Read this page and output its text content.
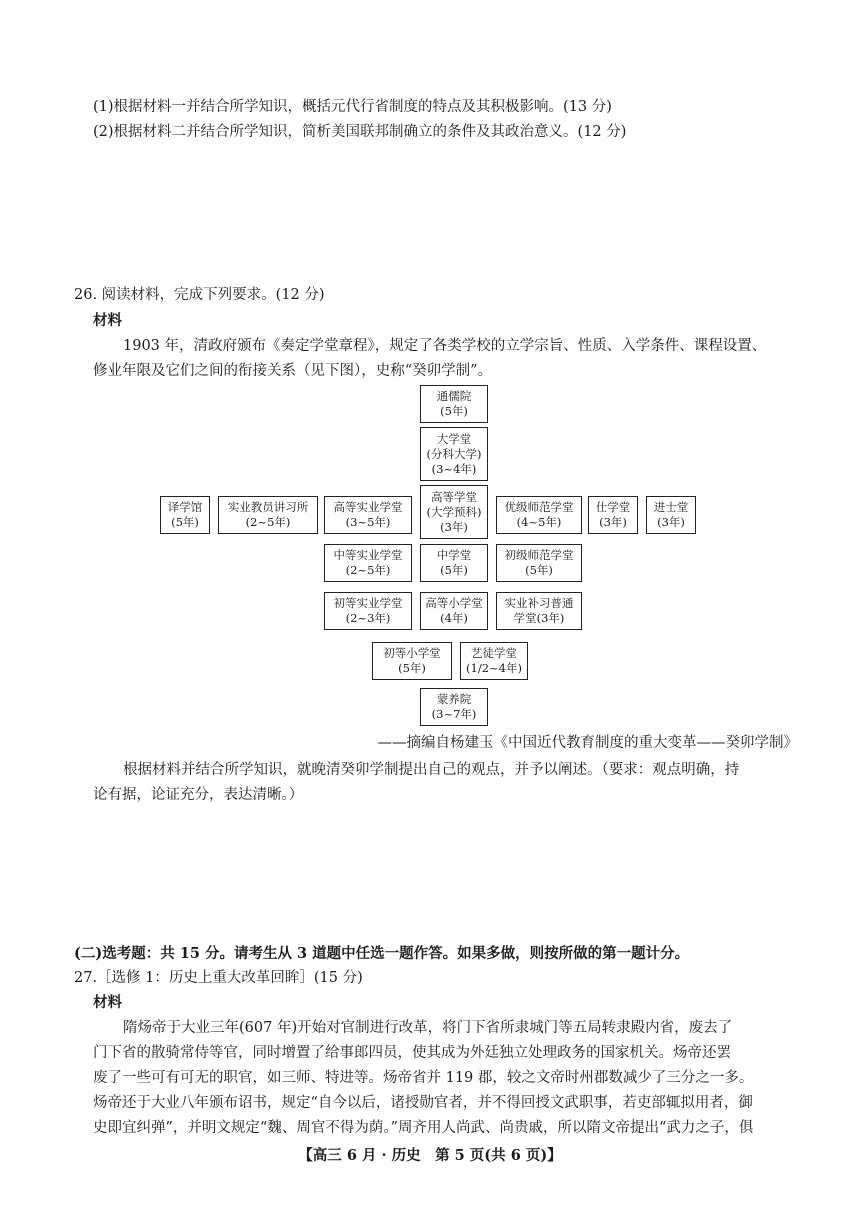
(1)根据材料一并结合所学知识，概括元代行省制度的特点及其积极影响。(13 分)
(2)根据材料二并结合所学知识，简析美国联邦制确立的条件及其政治意义。(12 分)
26. 阅读材料，完成下列要求。(12 分)
材料
1903 年，清政府颁布《奏定学堂章程》，规定了各类学校的立学宗旨、性质、入学条件、课程设置、
修业年限及它们之间的衔接关系（见下图），史称“癸卯学制”。
通儒院
(5年)
大学堂
(分科大学)
(3~4年)
译学馆
(5年)
实业教员讲习所
(2~5年)
高等实业学堂
(3~5年)
高等学堂
(大学预科)
(3年)
优级师范学堂
(4~5年)
仕学堂
(3年)
进士堂
(3年)
中等实业学堂
(2~5年)
中学堂
(5年)
初级师范学堂
(5年)
初等实业学堂
(2~3年)
高等小学堂
(4年)
实业补习普通
学堂(3年)
初等小学堂
(5年)
艺徒学堂
(1/2~4年)
蒙养院
(3~7年)
——摘编自杨建玉《中国近代教育制度的重大变革——癸卯学制》
根据材料并结合所学知识，就晚清癸卯学制提出自己的观点，并予以阐述。（要求：观点明确，持
论有据，论证充分，表达清晰。）
(二)选考题：共 15 分。请考生从 3 道题中任选一题作答。如果多做，则按所做的第一题计分。
27.［选修 1：历史上重大改革回眸］(15 分)
材料
隋炀帝于大业三年(607 年)开始对官制进行改革，将门下省所隶城门等五局转隶殿内省，废去了
门下省的散骑常侍等官，同时增置了给事郎四员，使其成为外廷独立处理政务的国家机关。炀帝还罢
废了一些可有可无的职官，如三师、特进等。炀帝省并 119 郡，较之文帝时州郡数减少了三分之一多。
炀帝还于大业八年颁布诏书，规定“自今以后，诸授勋官者，并不得回授文武职事，若吏部辄拟用者，御
史即宜纠弹”，并明文规定“魏、周官不得为荫。”周齐用人尚武、尚贵戚，所以隋文帝提出“武力之子，俱
【高三 6 月 · 历史　第 5 页(共 6 页)】
